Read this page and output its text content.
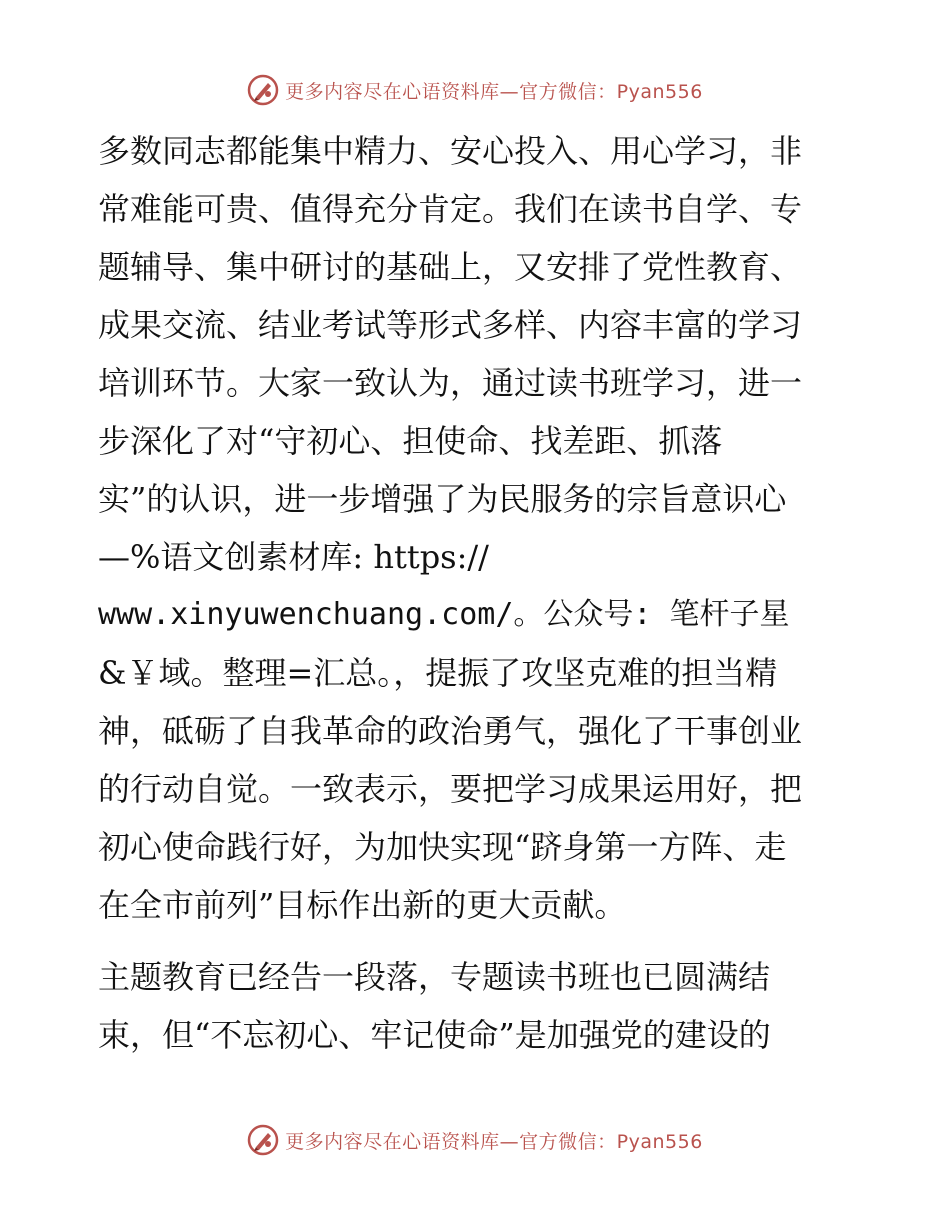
更多内容尽在心语资料库—官方微信：Pyan556
多数同志都能集中精力、安心投入、用心学习，非
常难能可贵、值得充分肯定。我们在读书自学、专
题辅导、集中研讨的基础上，又安排了党性教育、
成果交流、结业考试等形式多样、内容丰富的学习
培训环节。大家一致认为，通过读书班学习，进一
步深化了对“守初心、担使命、找差距、抓落
实”的认识，进一步增强了为民服务的宗旨意识心
—%语文创素材库: https://
www.xinyuwenchuang.com/。公众号: 笔杆子星
&￥域。整理=汇总。，提振了攻坚克难的担当精
神，砥砺了自我革命的政治勇气，强化了干事创业
的行动自觉。一致表示，要把学习成果运用好，把
初心使命践行好，为加快实现“跻身第一方阵、走
在全市前列”目标作出新的更大贡献。
主题教育已经告一段落，专题读书班也已圆满结
束，但“不忘初心、牢记使命”是加强党的建设的
更多内容尽在心语资料库—官方微信：Pyan556
